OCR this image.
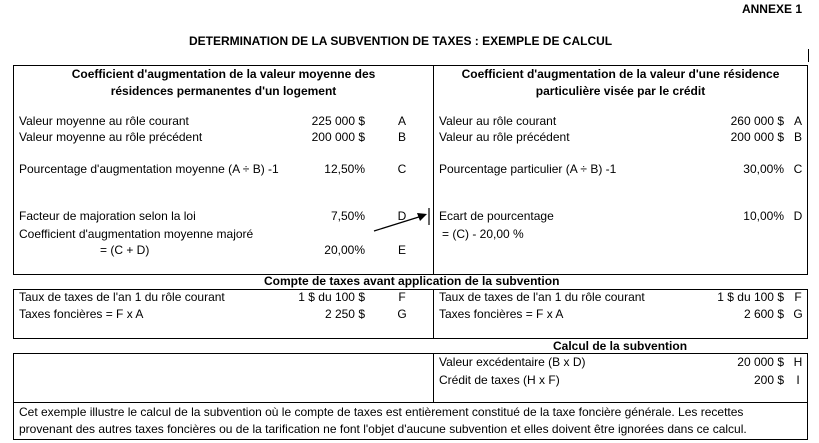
ANNEXE 1
DETERMINATION DE LA SUBVENTION DE TAXES : EXEMPLE DE CALCUL
Coefficient d'augmentation de la valeur moyenne des
résidences permanentes d'un logement
Coefficient d'augmentation de la valeur d'une résidence
particulière visée par le crédit
Valeur moyenne au rôle courant	225 000 $	A
Valeur moyenne au rôle précédent	200 000 $	B
Pourcentage d'augmentation moyenne (A ÷ B) -1	12,50%	C
Facteur de majoration selon la loi	7,50%	D
Coefficient d'augmentation moyenne majoré
= (C + D)	20,00%	E
Valeur au rôle courant	260 000 $ A
Valeur au rôle précédent	200 000 $ B
Pourcentage particulier (A ÷ B) -1	30,00% C
Ecart de pourcentage	10,00% D
= (C) - 20,00 %
Compte de taxes avant application de la subvention
Taux de taxes de l'an 1 du rôle courant	1 $ du 100 $	F
Taxes foncières = F x A	2 250 $	G
Taux de taxes de l'an 1 du rôle courant	1 $ du 100 $ F
Taxes foncières = F x A	2 600 $ G
Calcul de la subvention
Valeur excédentaire (B x D)	20 000 $ H
Crédit de taxes (H x F)	200 $	I
Cet exemple illustre le calcul de la subvention où le compte de taxes est entièrement constitué de la taxe foncière générale. Les recettes provenant des autres taxes foncières ou de la tarification ne font l'objet d'aucune subvention et elles doivent être ignorées dans ce calcul.
